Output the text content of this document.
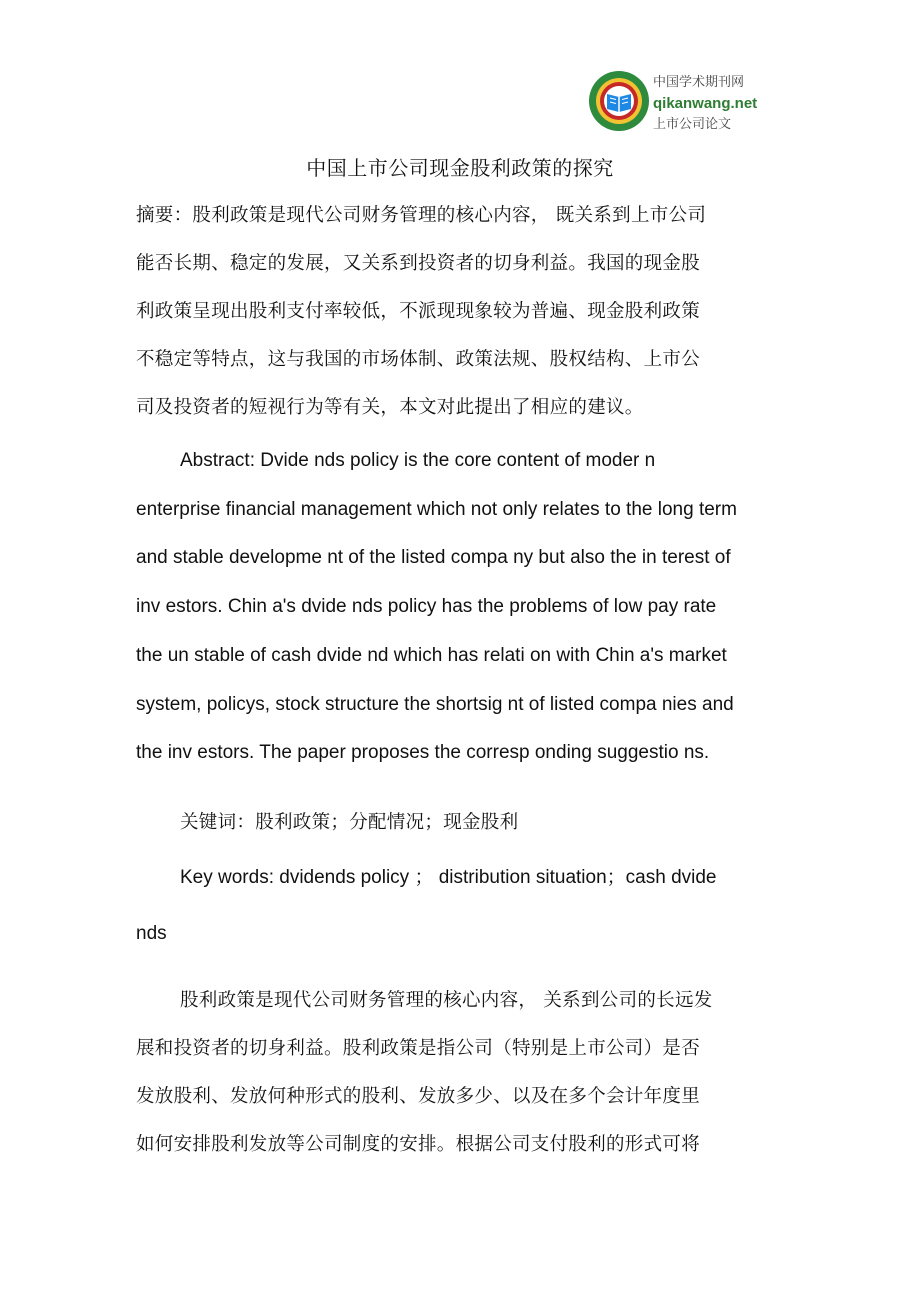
中国学术期刊网
qikanwang.net
上市公司论文
中国上市公司现金股利政策的探究
摘要：股利政策是现代公司财务管理的核心内容， 既关系到上市公司
能否长期、稳定的发展，又关系到投资者的切身利益。我国的现金股
利政策呈现出股利支付率较低，不派现现象较为普遍、现金股利政策
不稳定等特点，这与我国的市场体制、政策法规、股权结构、上市公
司及投资者的短视行为等有关，本文对此提出了相应的建议。
Abstract: Dvide nds policy is the core content of moder n
enterprise financial management which not only relates to the long term
and stable developme nt of the listed compa ny but also the in terest of
inv estors. Chin a's dvide nds policy has the problems of low pay rate
the un stable of cash dvide nd which has relati on with Chin a's market
system, policys, stock structure the shortsig nt of listed compa nies and
the inv estors. The paper proposes the corresp onding suggestio ns.
关键词：股利政策；分配情况；现金股利
Key words: dvidends policy ； distribution situation；cash dvide
nds
股利政策是现代公司财务管理的核心内容， 关系到公司的长远发
展和投资者的切身利益。股利政策是指公司（特别是上市公司）是否
发放股利、发放何种形式的股利、发放多少、以及在多个会计年度里
如何安排股利发放等公司制度的安排。根据公司支付股利的形式可将
